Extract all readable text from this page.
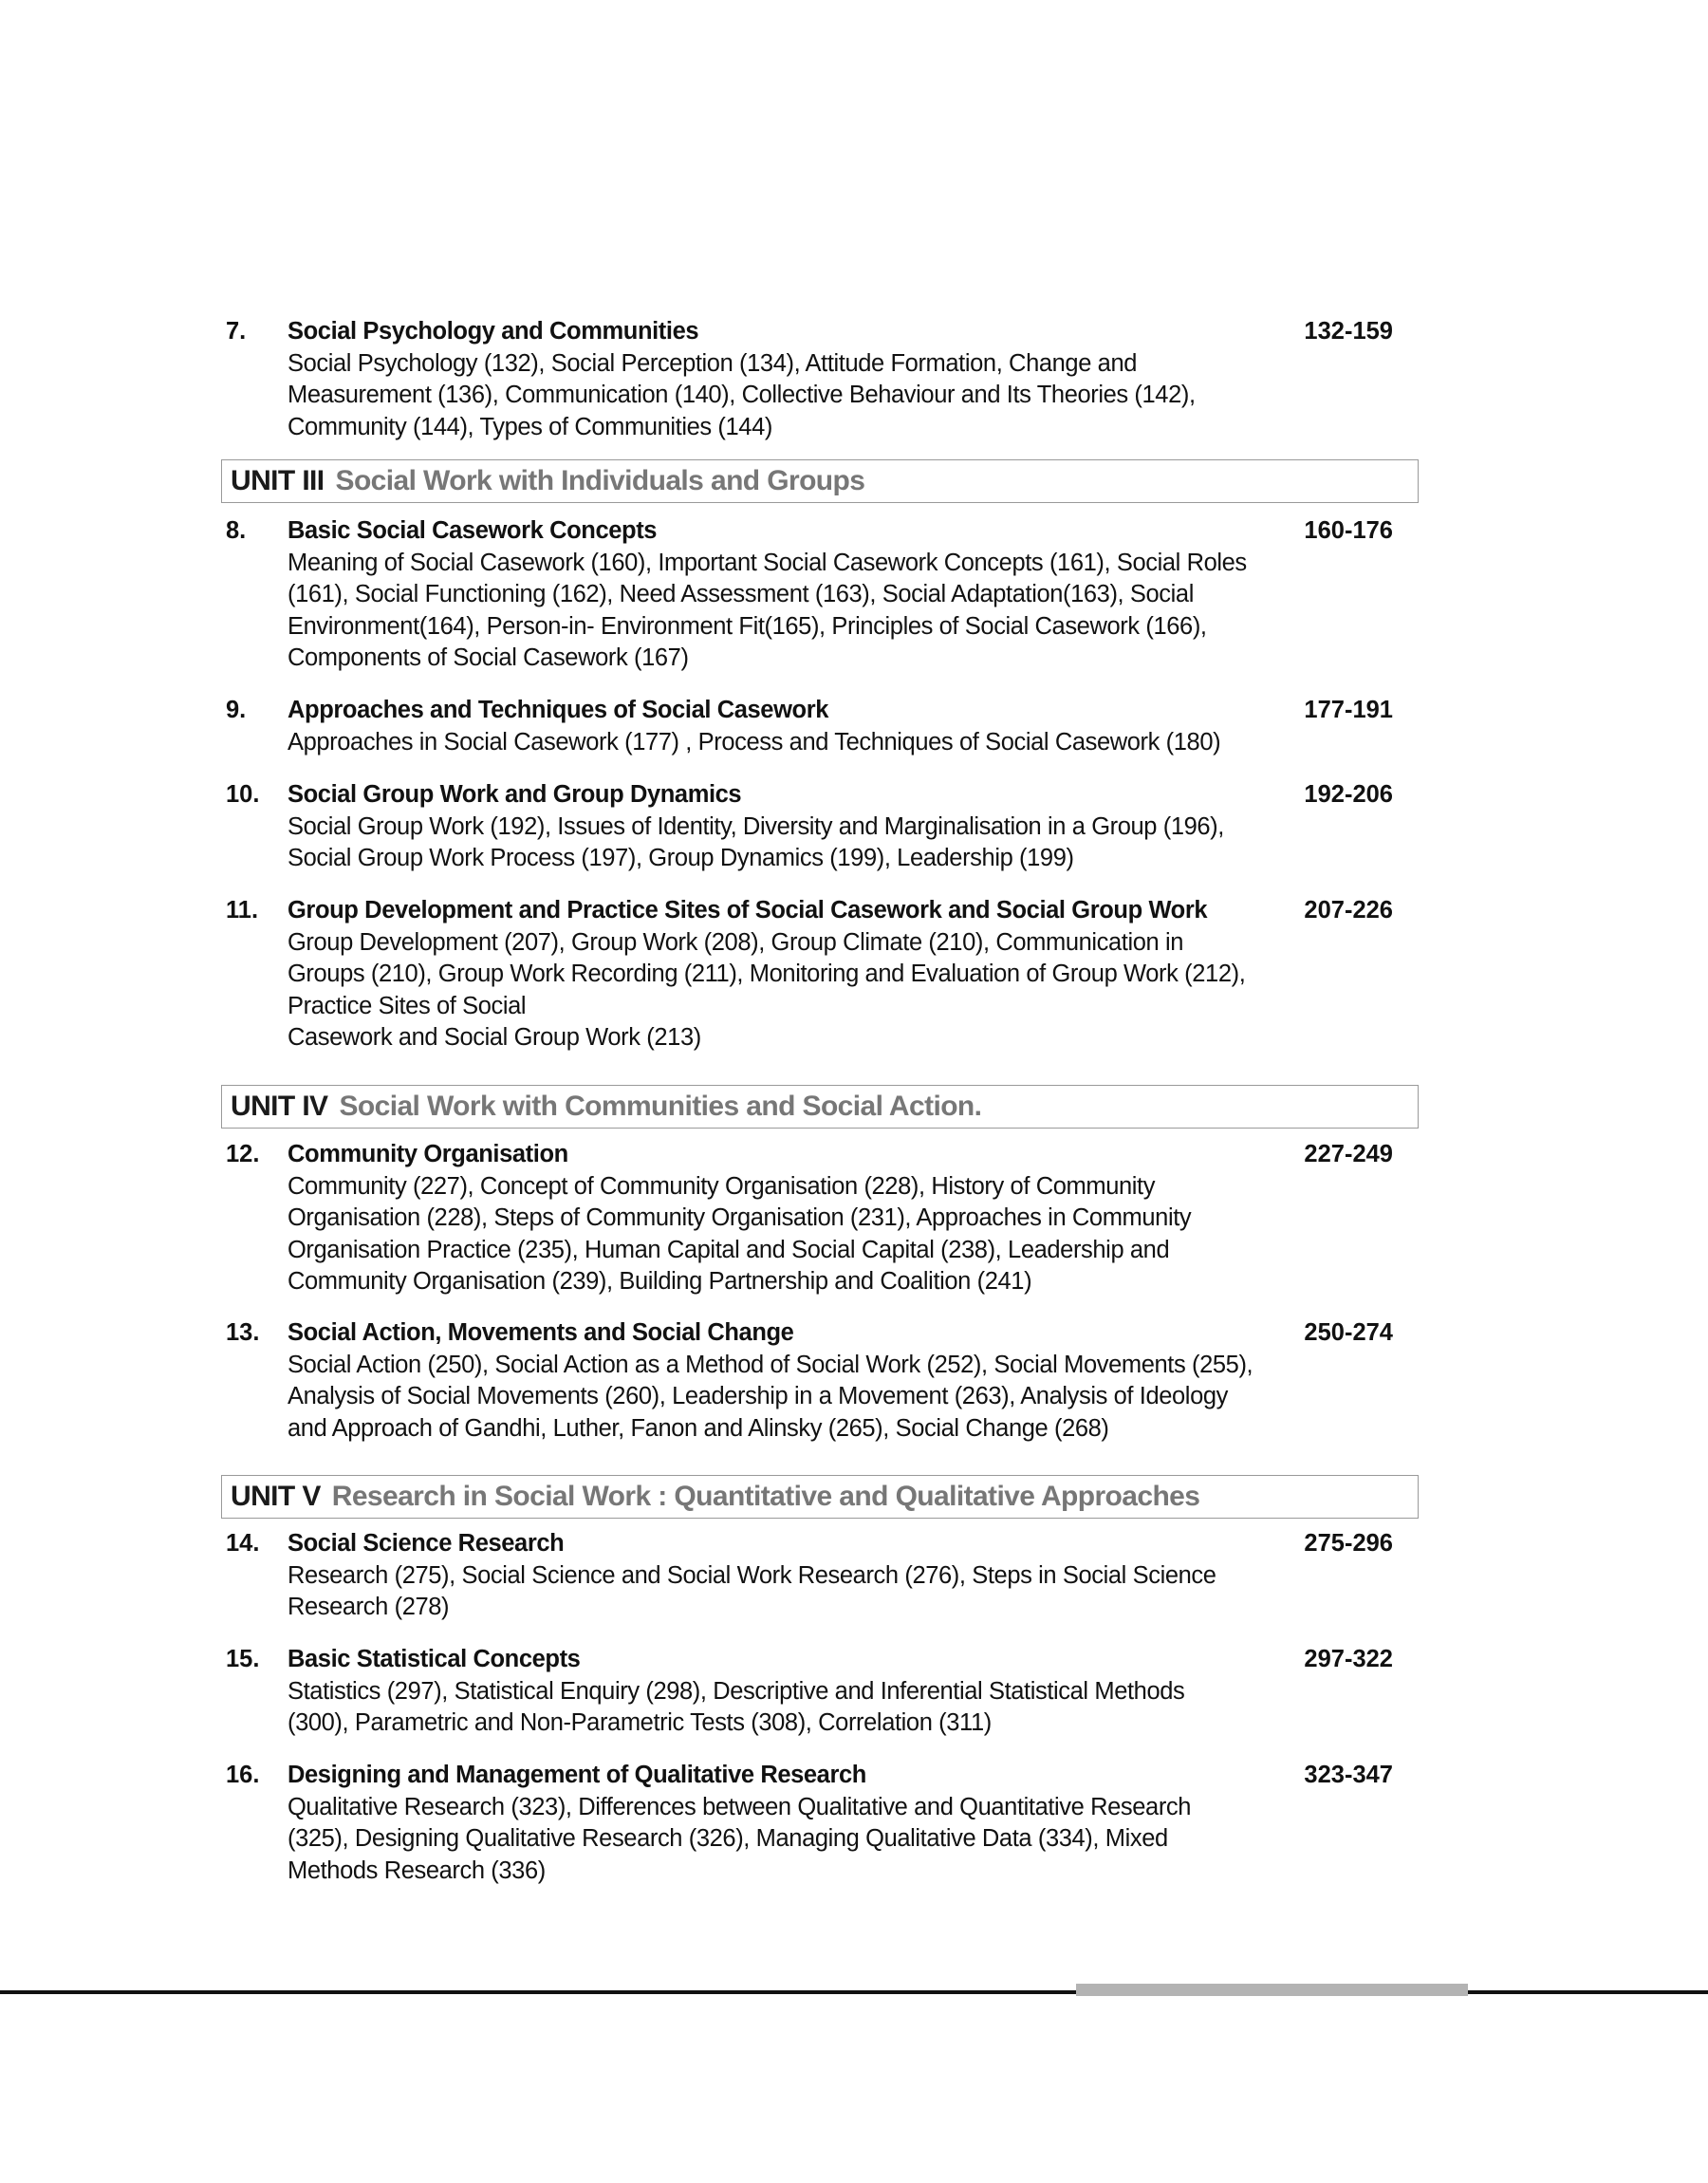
7.	Social Psychology and Communities	132-159
Social Psychology (132), Social Perception (134), Attitude Formation, Change and
Measurement (136), Communication (140), Collective Behaviour and Its Theories (142),
Community (144), Types of Communities (144)
UNIT III Social Work with Individuals and Groups
8.	Basic Social Casework Concepts	160-176
Meaning of Social Casework (160), Important Social Casework Concepts (161), Social Roles
(161), Social Functioning (162), Need Assessment (163), Social Adaptation(163), Social
Environment(164), Person-in- Environment Fit(165), Principles of Social Casework (166),
Components of Social Casework (167)
9.	Approaches and Techniques of Social Casework	177-191
Approaches in Social Casework (177) , Process and Techniques of Social Casework (180)
10.	Social Group Work and Group Dynamics	192-206
Social Group Work (192), Issues of Identity, Diversity and Marginalisation in a Group (196),
Social Group Work Process (197), Group Dynamics (199), Leadership (199)
11.	Group Development and Practice Sites of Social Casework and Social Group Work	207-226
Group Development (207), Group Work (208), Group Climate (210), Communication in
Groups (210), Group Work Recording (211), Monitoring and Evaluation of Group Work (212),
Practice Sites of Social
Casework and Social Group Work (213)
UNIT IV Social Work with Communities and Social Action.
12.	Community Organisation	227-249
Community (227), Concept of Community Organisation (228), History of Community
Organisation (228), Steps of Community Organisation (231), Approaches in Community
Organisation Practice (235), Human Capital and Social Capital (238), Leadership and
Community Organisation (239), Building Partnership and Coalition (241)
13.	Social Action, Movements and Social Change	250-274
Social Action (250), Social Action as a Method of Social Work (252), Social Movements (255),
Analysis of Social Movements (260), Leadership in a Movement (263), Analysis of Ideology
and Approach of Gandhi, Luther, Fanon and Alinsky (265), Social Change (268)
UNIT V Research in Social Work : Quantitative and Qualitative Approaches
14.	Social Science Research	275-296
Research (275), Social Science and Social Work Research (276), Steps in Social Science
Research (278)
15.	Basic Statistical Concepts	297-322
Statistics (297), Statistical Enquiry (298), Descriptive and Inferential Statistical Methods
(300), Parametric and Non-Parametric Tests (308), Correlation (311)
16.	Designing and Management of Qualitative Research	323-347
Qualitative Research (323), Differences between Qualitative and Quantitative Research
(325), Designing Qualitative Research (326), Managing Qualitative Data (334), Mixed
Methods Research (336)
